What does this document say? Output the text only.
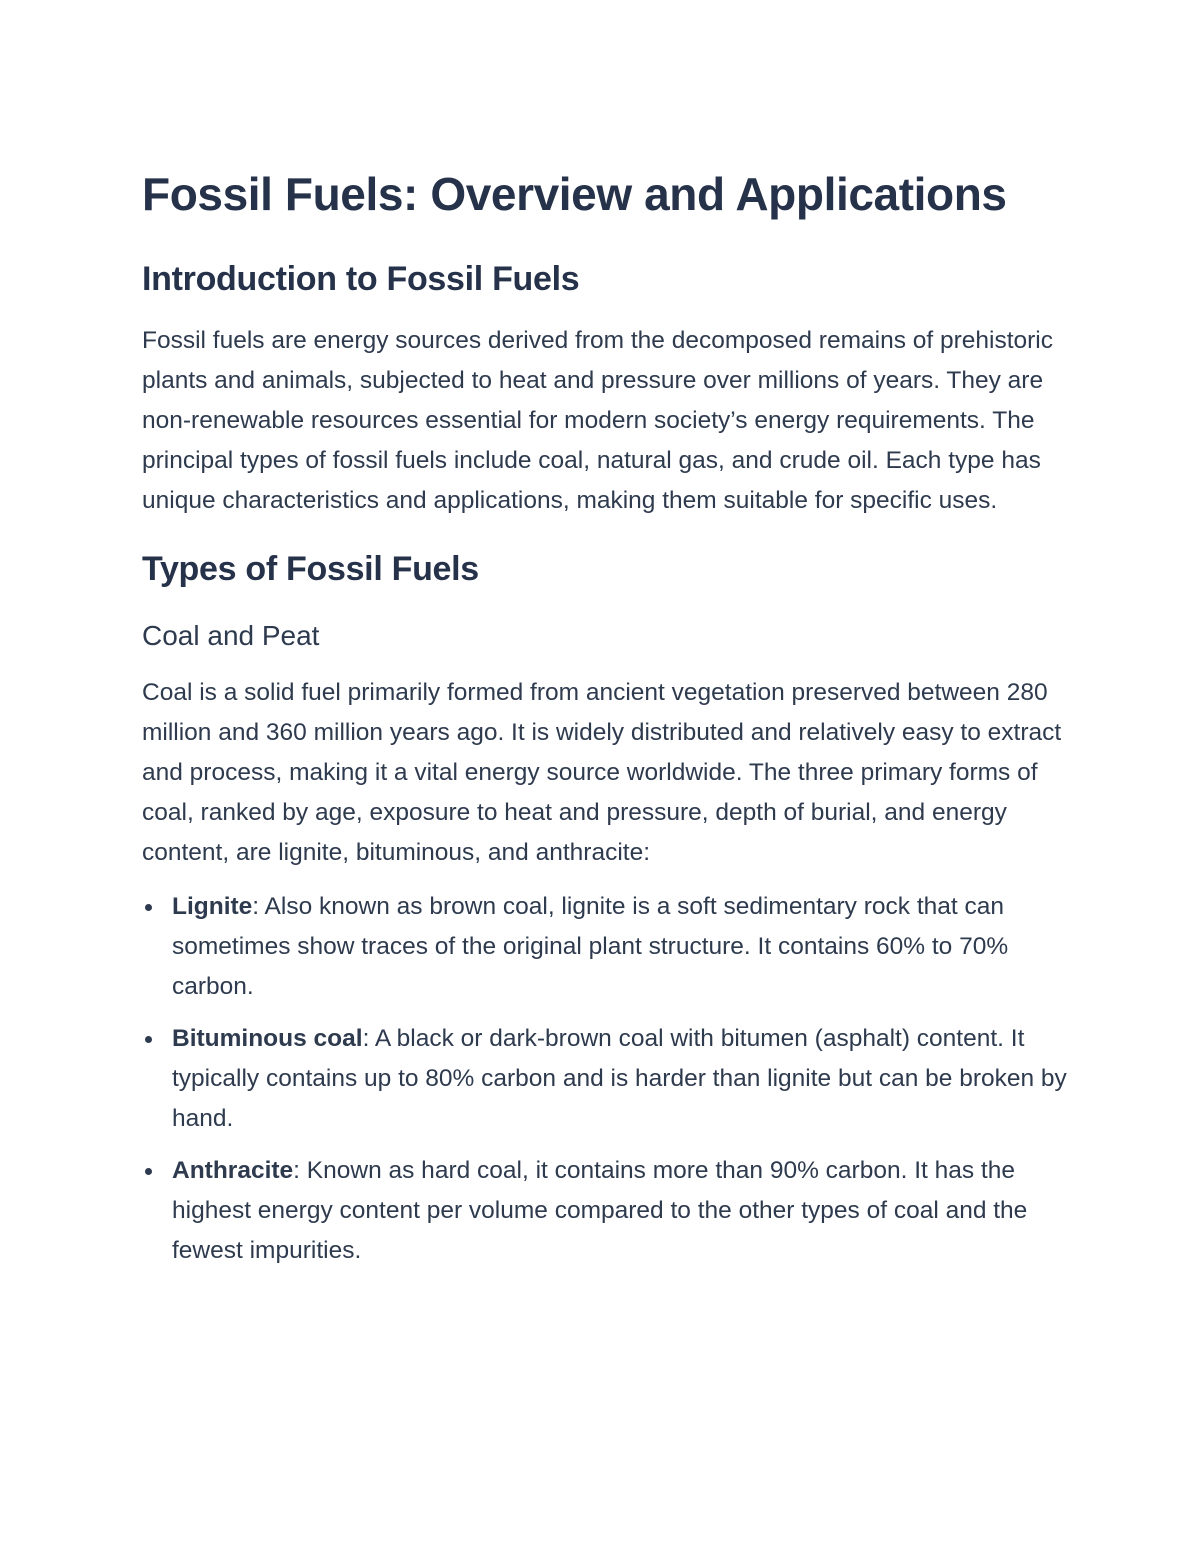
Fossil Fuels: Overview and Applications
Introduction to Fossil Fuels

Fossil fuels are energy sources derived from the decomposed remains of prehistoric plants and animals, subjected to heat and pressure over millions of years. They are non-renewable resources essential for modern society’s energy requirements. The principal types of fossil fuels include coal, natural gas, and crude oil. Each type has unique characteristics and applications, making them suitable for specific uses.

Types of Fossil Fuels
Coal and Peat

Coal is a solid fuel primarily formed from ancient vegetation preserved between 280 million and 360 million years ago. It is widely distributed and relatively easy to extract and process, making it a vital energy source worldwide. The three primary forms of coal, ranked by age, exposure to heat and pressure, depth of burial, and energy content, are lignite, bituminous, and anthracite:

Lignite: Also known as brown coal, lignite is a soft sedimentary rock that can sometimes show traces of the original plant structure. It contains 60% to 70% carbon.
Bituminous coal: A black or dark-brown coal with bitumen (asphalt) content. It typically contains up to 80% carbon and is harder than lignite but can be broken by hand.
Anthracite: Known as hard coal, it contains more than 90% carbon. It has the highest energy content per volume compared to the other types of coal and the fewest impurities.
